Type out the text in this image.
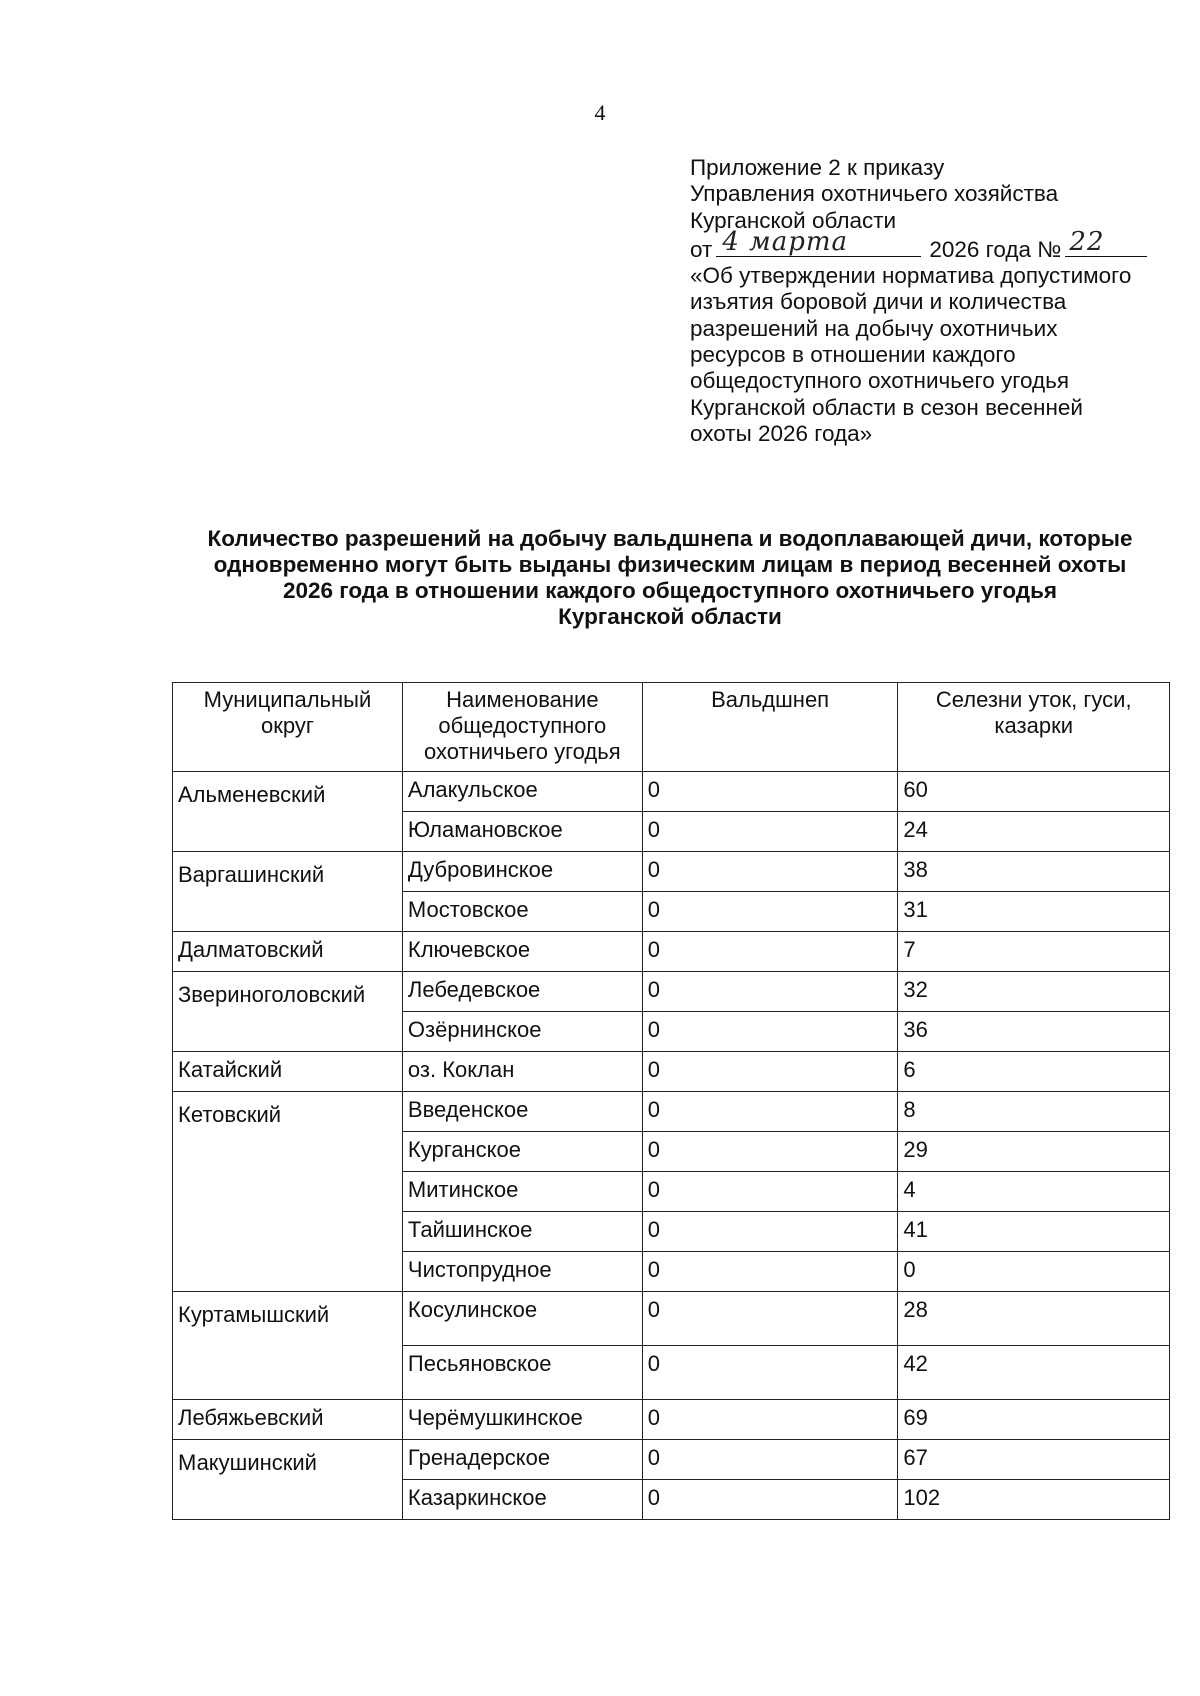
4
Приложение 2 к приказу
Управления охотничьего хозяйства
Курганской области
от 4 марта	2026 года № 22
«Об утверждении норматива допустимого
изъятия боровой дичи и количества
разрешений на добычу охотничьих
ресурсов в отношении каждого
общедоступного охотничьего угодья
Курганской области в сезон весенней
охоты 2026 года»
Количество разрешений на добычу вальдшнепа и водоплавающей дичи, которые
одновременно могут быть выданы физическим лицам в период весенней охоты
2026 года в отношении каждого общедоступного охотничьего угодья
Курганской области
Муниципальный округ	Наименование общедоступного охотничьего угодья	Вальдшнеп	Селезни уток, гуси, казарки
Альменевский	Алакульское	0	60
	Юламановское	0	24
Варгашинский	Дубровинское	0	38
	Мостовское	0	31
Далматовский	Ключевское	0	7
Звериноголовский	Лебедевское	0	32
	Озёрнинское	0	36
Катайский	оз. Коклан	0	6
Кетовский	Введенское	0	8
	Курганское	0	29
	Митинское	0	4
	Тайшинское	0	41
	Чистопрудное	0	0
Куртамышский	Косулинское	0	28
	Песьяновское	0	42
Лебяжьевский	Черёмушкинское	0	69
Макушинский	Гренадерское	0	67
	Казаркинское	0	102
